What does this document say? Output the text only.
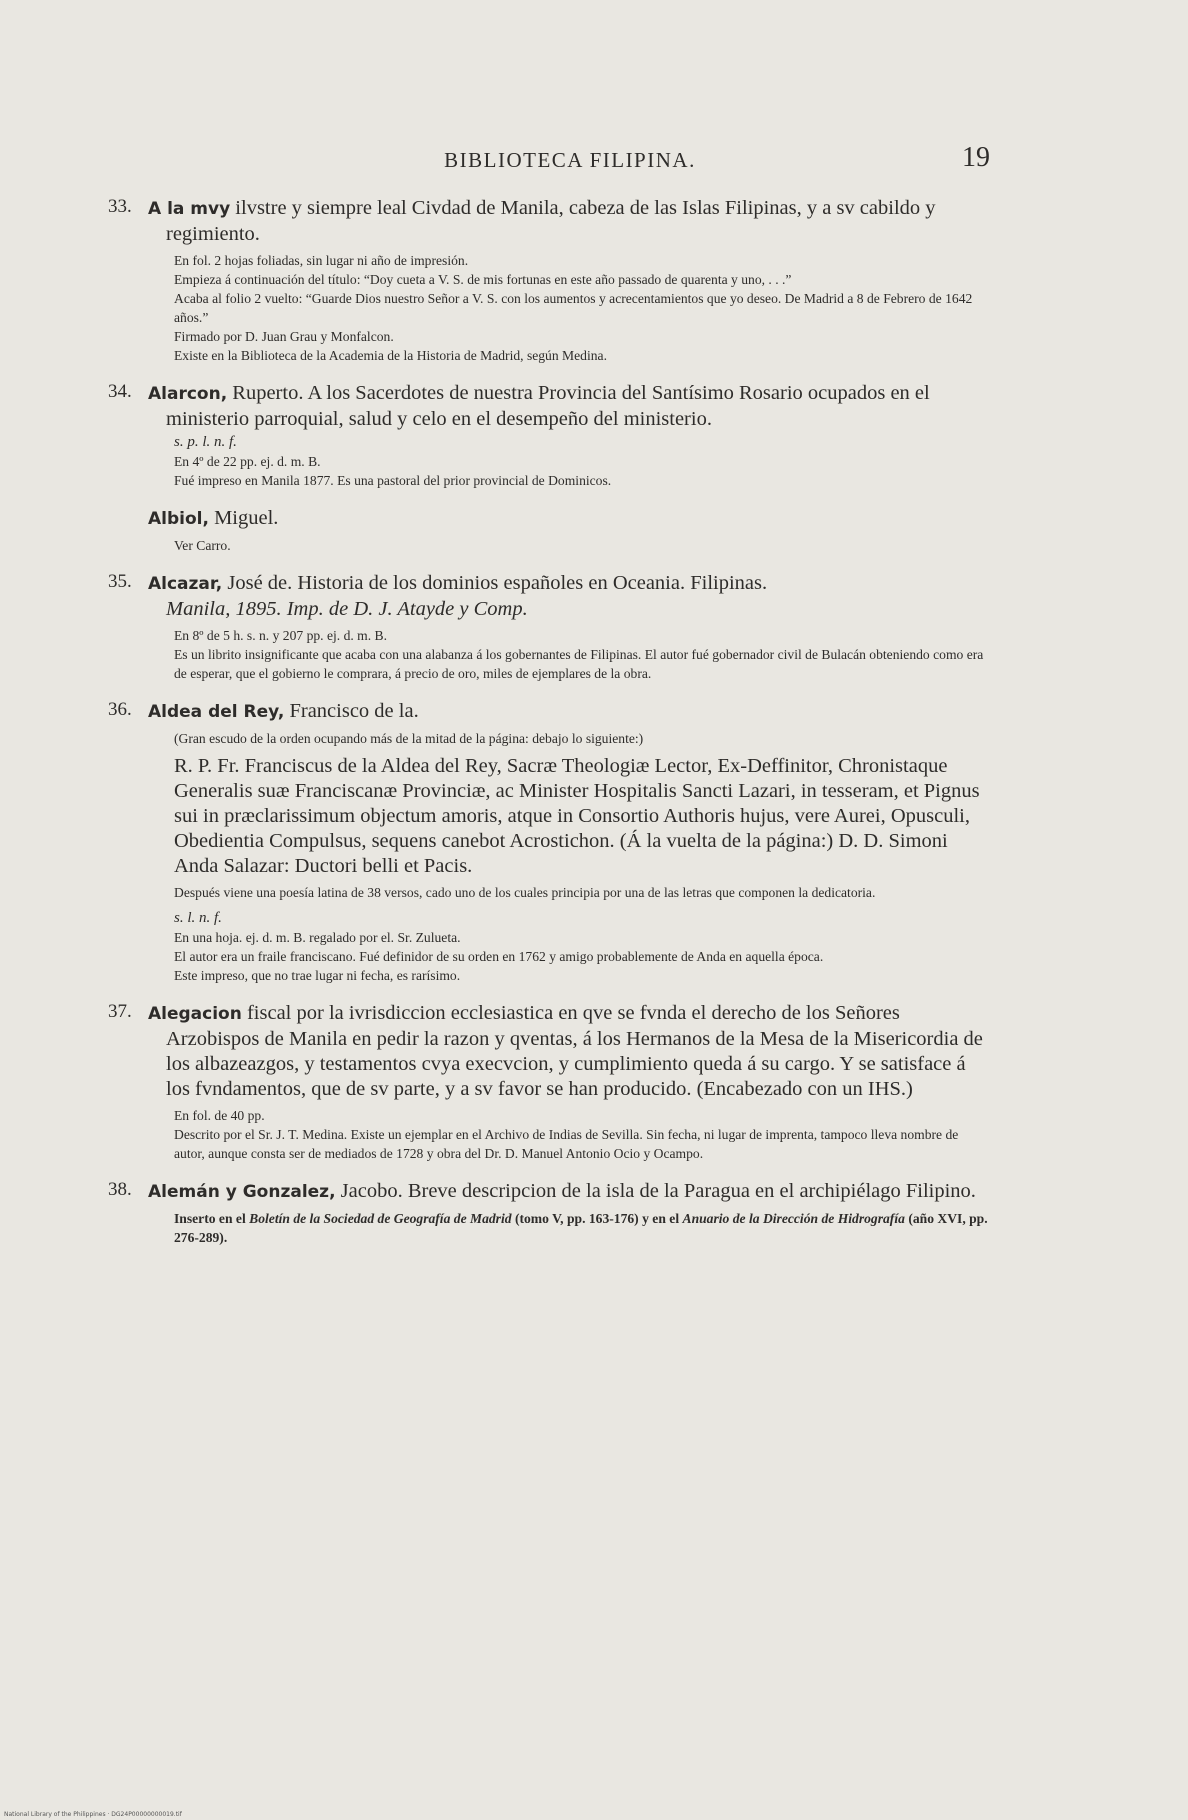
BIBLIOTECA FILIPINA.	19
33. A la mvy ilvstre y siempre leal Civdad de Manila, cabeza de las Islas Filipinas, y a sv cabildo y regimiento.
En fol. 2 hojas foliadas, sin lugar ni año de impresión.
Empieza á continuación del título: “Doy cueta a V. S. de mis fortunas en este año passado de quarenta y uno, . . .”
Acaba al folio 2 vuelto: “Guarde Dios nuestro Señor a V. S. con los aumentos y acrecentamientos que yo deseo. De Madrid a 8 de Febrero de 1642 años.”
Firmado por D. Juan Grau y Monfalcon.
Existe en la Biblioteca de la Academia de la Historia de Madrid, según Medina.
34. Alarcon, Ruperto. A los Sacerdotes de nuestra Provincia del Santísimo Rosario ocupados en el ministerio parroquial, salud y celo en el desempeño del ministerio.
s. p. l. n. f.
En 4º de 22 pp. ej. d. m. B.
Fué impreso en Manila 1877. Es una pastoral del prior provincial de Dominicos.
Albiol, Miguel.
Ver Carro.
35. Alcazar, José de. Historia de los dominios españoles en Oceania. Filipinas.
Manila, 1895. Imp. de D. J. Atayde y Comp.
En 8º de 5 h. s. n. y 207 pp. ej. d. m. B.
Es un librito insignificante que acaba con una alabanza á los gobernantes de Filipinas. El autor fué gobernador civil de Bulacán obteniendo como era de esperar, que el gobierno le comprara, á precio de oro, miles de ejemplares de la obra.
36. Aldea del Rey, Francisco de la.
(Gran escudo de la orden ocupando más de la mitad de la página: debajo lo siguiente:)
R. P. Fr. Franciscus de la Aldea del Rey, Sacræ Theologiæ Lector, Ex-Deffinitor, Chronistaque Generalis suæ Franciscanæ Provinciæ, ac Minister Hospitalis Sancti Lazari, in tesseram, et Pignus sui in præclarissimum objectum amoris, atque in Consortio Authoris hujus, vere Aurei, Opusculi, Obedientia Compulsus, sequens canebot Acrostichon. (Á la vuelta de la página:) D. D. Simoni Anda Salazar: Ductori belli et Pacis.
Después viene una poesía latina de 38 versos, cado uno de los cuales principia por una de las letras que componen la dedicatoria.
s. l. n. f.
En una hoja. ej. d. m. B. regalado por el. Sr. Zulueta.
El autor era un fraile franciscano. Fué definidor de su orden en 1762 y amigo probablemente de Anda en aquella época.
Este impreso, que no trae lugar ni fecha, es rarísimo.
37. Alegacion fiscal por la ivrisdiccion ecclesiastica en qve se fvnda el derecho de los Señores Arzobispos de Manila en pedir la razon y qventas, á los Hermanos de la Mesa de la Misericordia de los albazeazgos, y testamentos cvya execvcion, y cumplimiento queda á su cargo. Y se satisface á los fvndamentos, que de sv parte, y a sv favor se han producido. (Encabezado con un IHS.)
En fol. de 40 pp.
Descrito por el Sr. J. T. Medina. Existe un ejemplar en el Archivo de Indias de Sevilla. Sin fecha, ni lugar de imprenta, tampoco lleva nombre de autor, aunque consta ser de mediados de 1728 y obra del Dr. D. Manuel Antonio Ocio y Ocampo.
38. Alemán y Gonzalez, Jacobo. Breve descripcion de la isla de la Paragua en el archipiélago Filipino.
Inserto en el Boletín de la Sociedad de Geografía de Madrid (tomo V, pp. 163-176) y en el Anuario de la Dirección de Hidrografía (año XVI, pp. 276-289).
National Library of the Philippines · DG24P00000000019.tif
